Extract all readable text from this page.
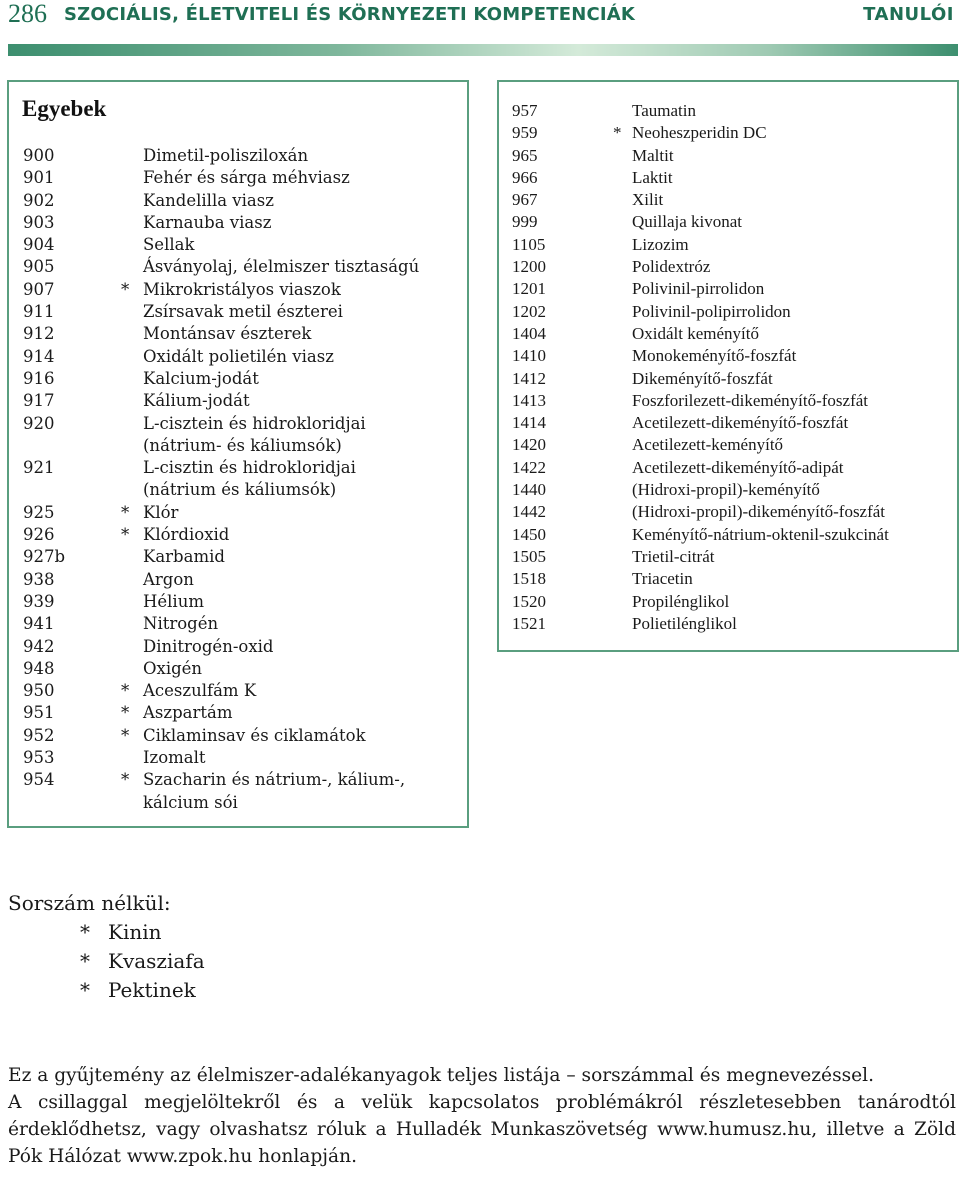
286 SZOCIÁLIS, ÉLETVITELI ÉS KÖRNYEZETI KOMPETENCIÁK	TANULÓI
Egyebek
900	Dimetil-polisziloxán
901	Fehér és sárga méhviasz
902	Kandelilla viasz
903	Karnauba viasz
904	Sellak
905	Ásványolaj, élelmiszer tisztaságú
907	* Mikrokristályos viaszok
911	Zsírsavak metil észterei
912	Montánsav észterek
914	Oxidált polietilén viasz
916	Kalcium-jodát
917	Kálium-jodát
920	L-cisztein és hidrokloridjai
(nátrium- és káliumsók)
921	L-cisztin és hidrokloridjai
(nátrium és káliumsók)
925	* Klór
926	* Klórdioxid
927b	Karbamid
938	Argon
939	Hélium
941	Nitrogén
942	Dinitrogén-oxid
948	Oxigén
950	* Aceszulfám K
951	* Aszpartám
952	* Ciklaminsav és ciklamátok
953	Izomalt
954	* Szacharin és nátrium-, kálium-,
kálcium sói
957	Taumatin
959	* Neoheszperidin DC
965	Maltit
966	Laktit
967	Xilit
999	Quillaja kivonat
1105	Lizozim
1200	Polidextróz
1201	Polivinil-pirrolidon
1202	Polivinil-polipirrolidon
1404	Oxidált keményítő
1410	Monokeményítő-foszfát
1412	Dikeményítő-foszfát
1413	Foszforilezett-dikeményítő-foszfát
1414	Acetilezett-dikeményítő-foszfát
1420	Acetilezett-keményítő
1422	Acetilezett-dikeményítő-adipát
1440	(Hidroxi-propil)-keményítő
1442	(Hidroxi-propil)-dikeményítő-foszfát
1450	Keményítő-nátrium-oktenil-szukcinát
1505	Trietil-citrát
1518	Triacetin
1520	Propilénglikol
1521	Polietilénglikol
Sorszám nélkül:
* Kinin
* Kvasziafa
* Pektinek
Ez a gyűjtemény az élelmiszer-adalékanyagok teljes listája – sorszámmal és megnevezéssel.
A csillaggal megjelöltekről és a velük kapcsolatos problémákról részletesebben tanárodtól érdeklődhetsz, vagy olvashatsz róluk a Hulladék Munkaszövetség www.humusz.hu, illetve a Zöld Pók Hálózat www.zpok.hu honlapján.
